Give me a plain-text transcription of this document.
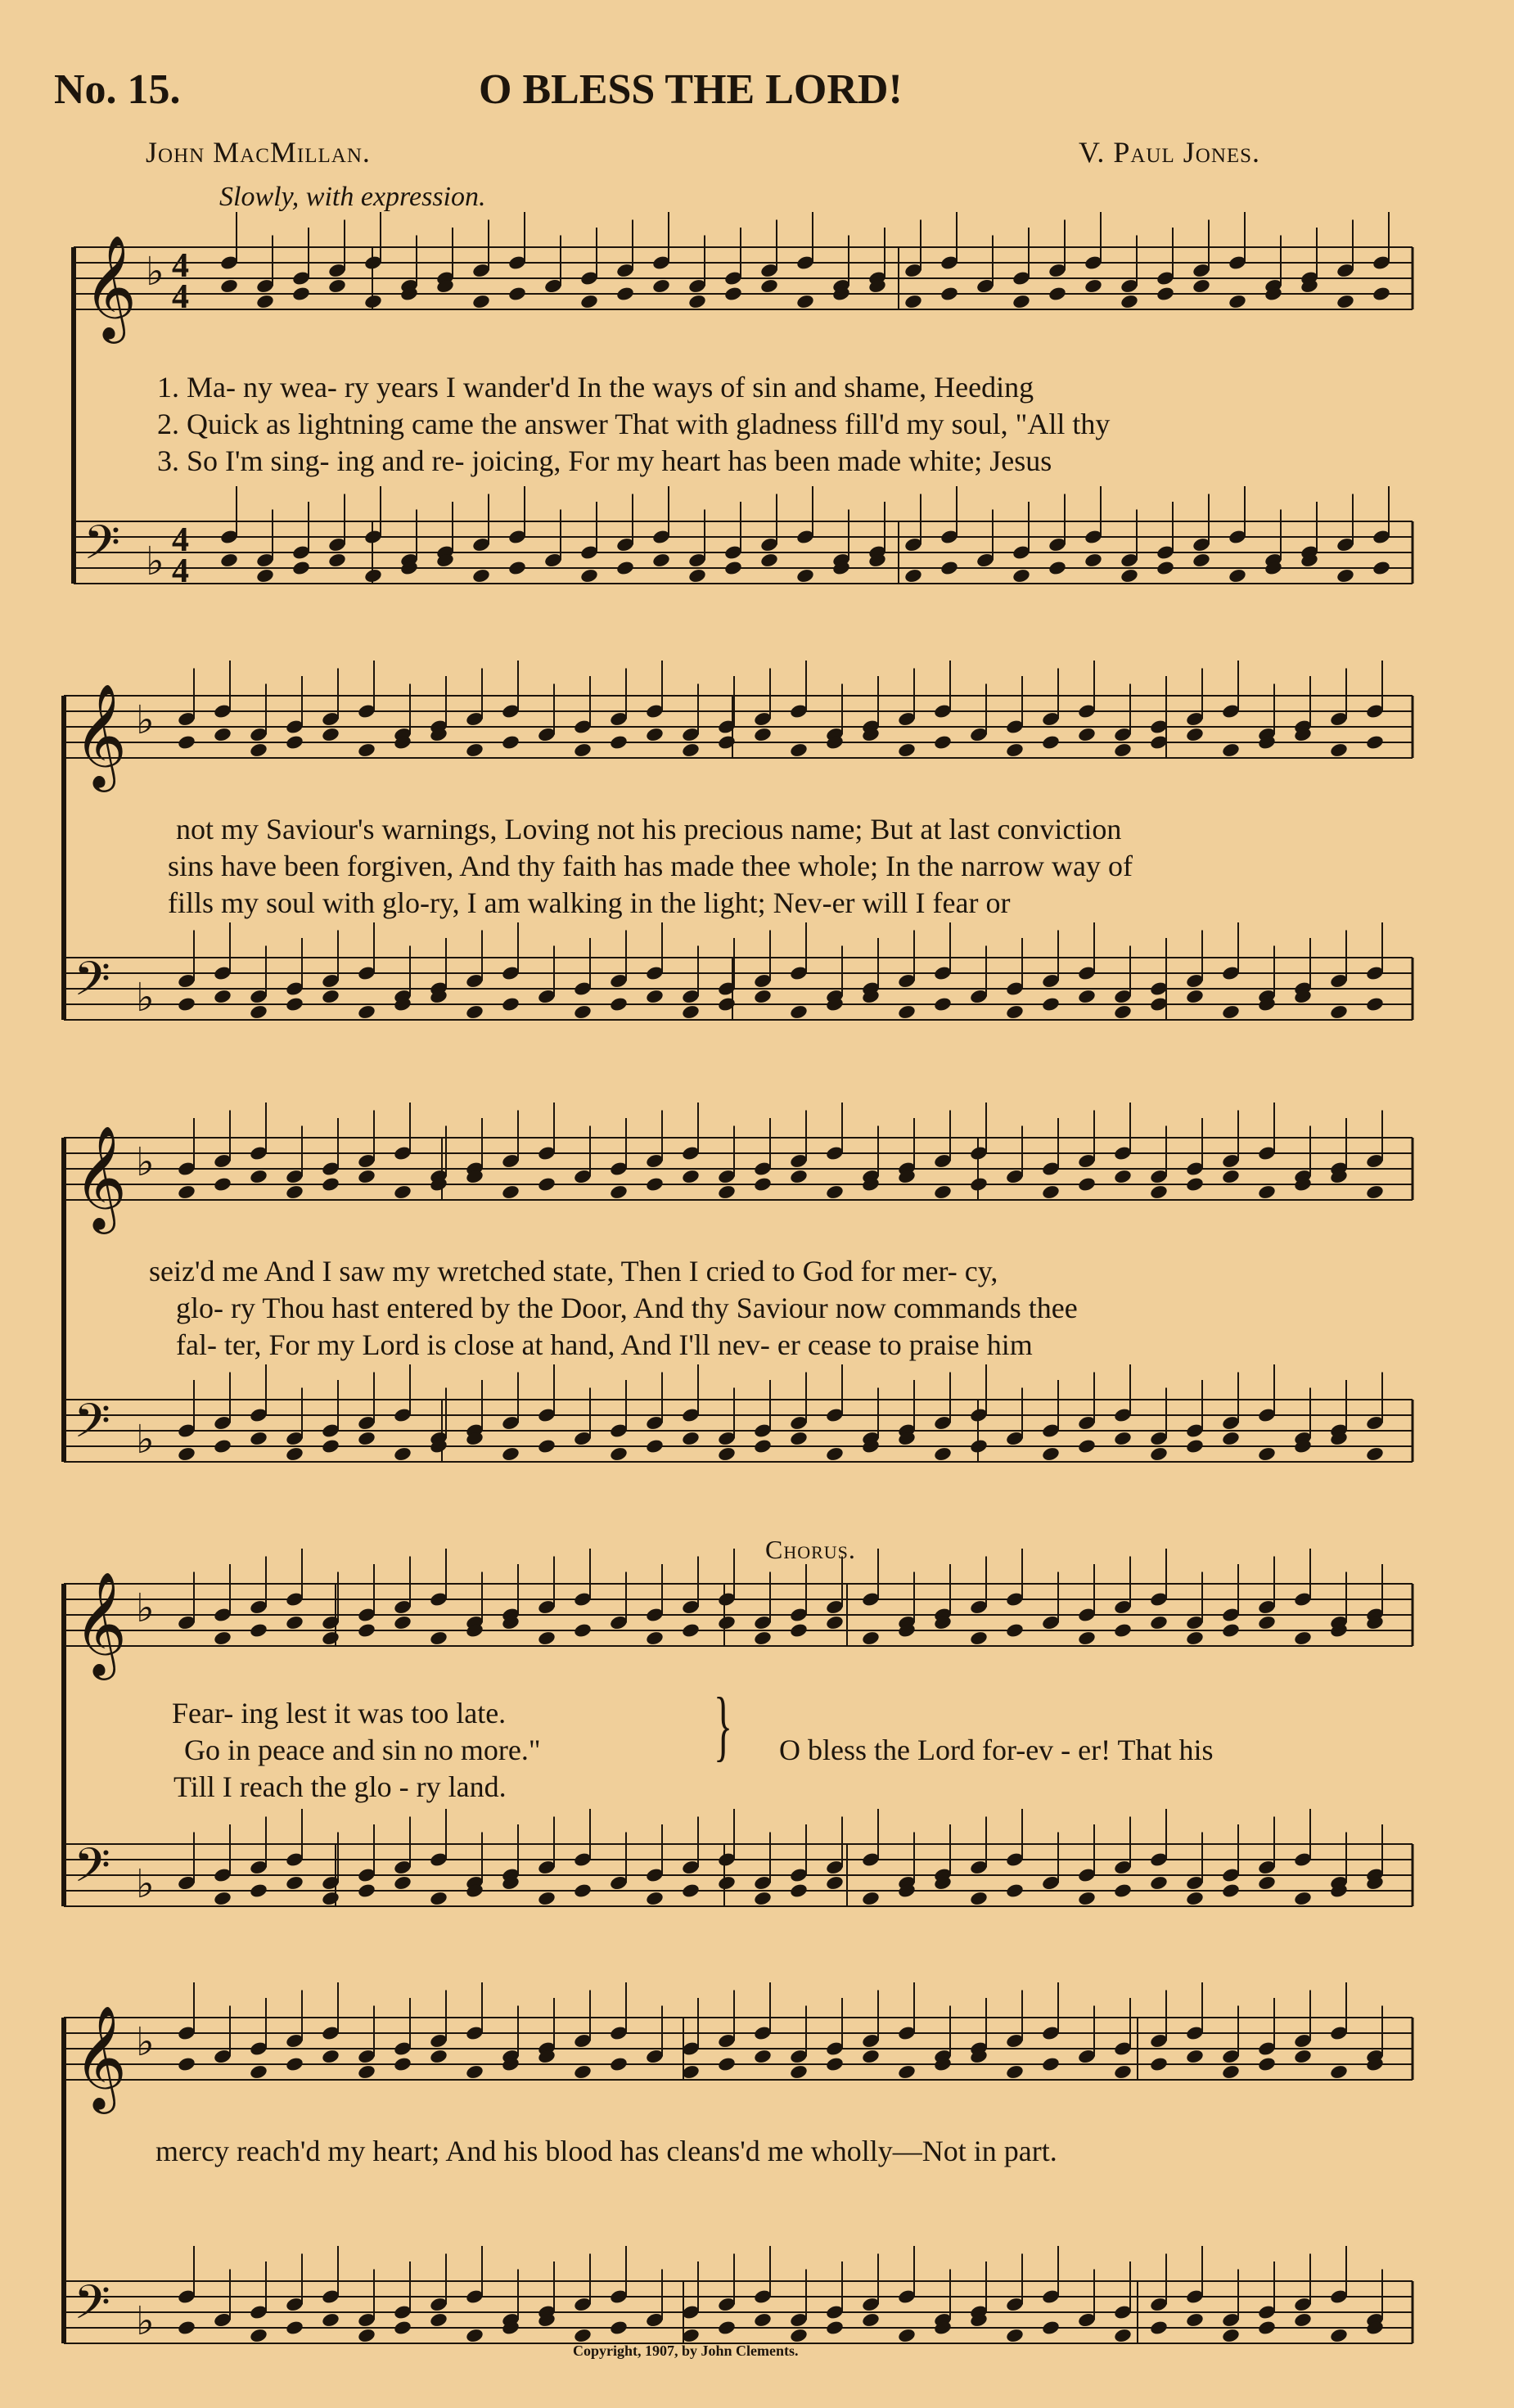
No. 15.	O BLESS THE LORD!
John MacMillan.	V. Paul Jones.
Slowly, with expression.
𝄞 ♭ 4
4
𝄢 ♭ 4
4
𝄞 ♭
𝄢 ♭
𝄞 ♭
𝄢 ♭
𝄞 ♭
𝄢 ♭
𝄞 ♭
𝄢 ♭
1. Ma- ny wea- ry years I wander'd In the ways of sin and shame, Heeding
2. Quick as lightning came the answer That with gladness fill'd my soul, "All thy
3. So I'm sing- ing and re- joicing, For my heart has been made white; Jesus
not my Saviour's warnings, Loving not his precious name; But at last conviction
sins have been forgiven, And thy faith has made thee whole; In the narrow way of
fills my soul with glo-ry, I am walking in the light; Nev-er will I fear or
seiz'd me And I saw my wretched state, Then I cried to God for mer- cy,
glo- ry Thou hast entered by the Door, And thy Saviour now commands thee
fal- ter, For my Lord is close at hand, And I'll nev- er cease to praise him
Chorus.
Fear- ing lest it was too late.
Go in peace and sin no more."
Till I reach the glo - ry land.
} O bless the Lord for-ev - er! That his
mercy reach'd my heart; And his blood has cleans'd me wholly—Not in part.
Copyright, 1907, by John Clements.
